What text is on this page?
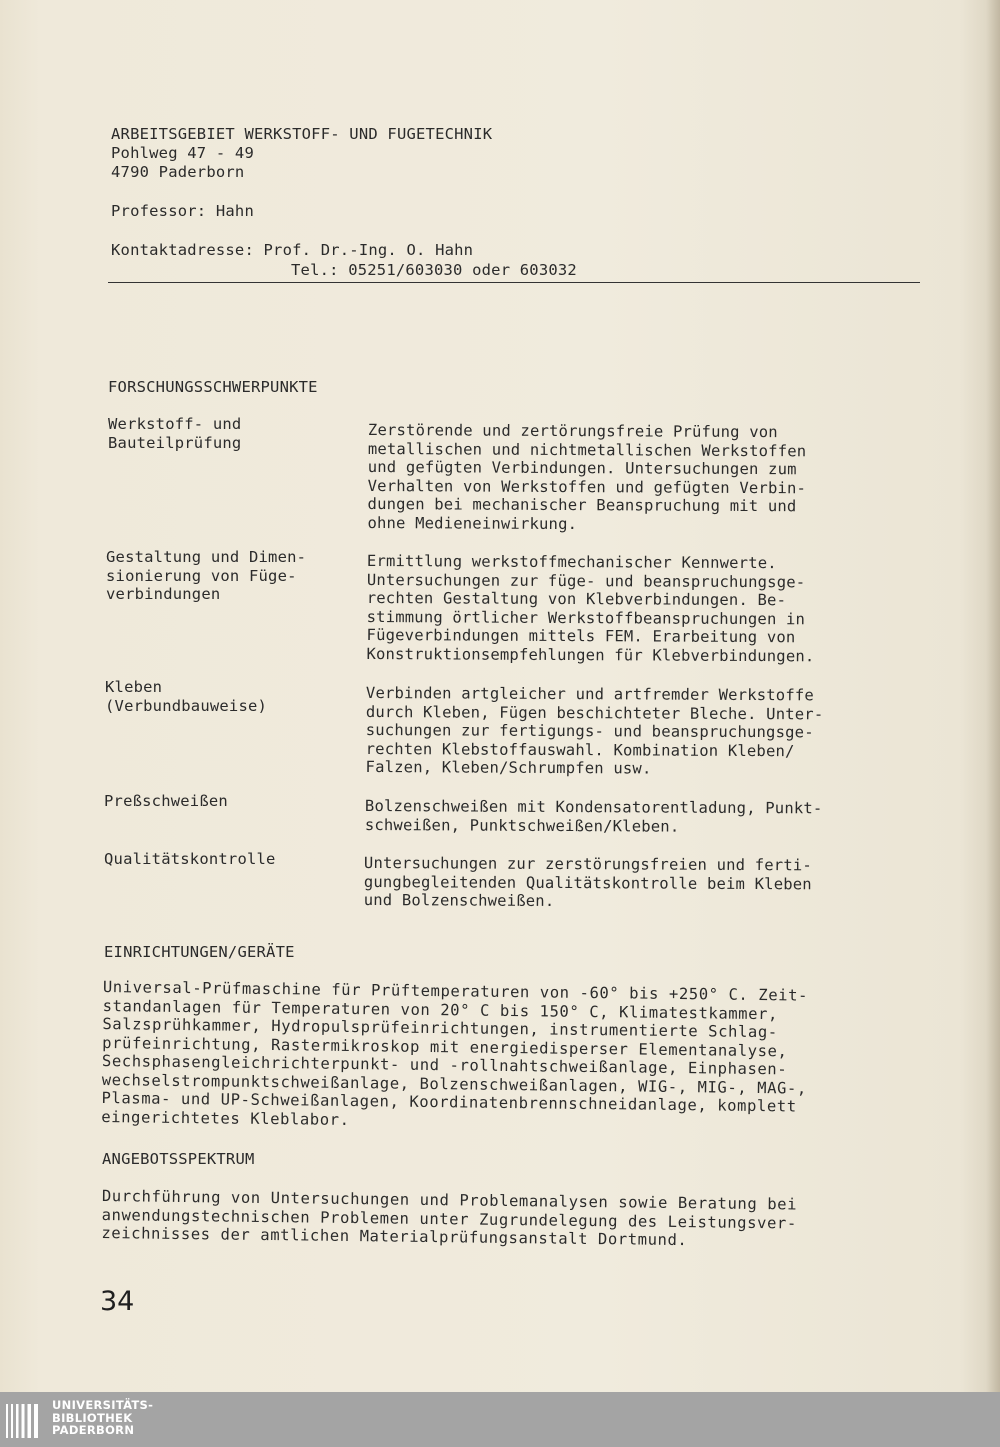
ARBEITSGEBIET WERKSTOFF- UND FUGETECHNIK
Pohlweg 47 - 49
4790 Paderborn
Professor: Hahn
Kontaktadresse: Prof. Dr.-Ing. O. Hahn
Tel.: 05251/603030 oder 603032
FORSCHUNGSSCHWERPUNKTE
Werkstoff- und
Bauteilprüfung
Zerstörende und zertörungsfreie Prüfung von
metallischen und nichtmetallischen Werkstoffen
und gefügten Verbindungen. Untersuchungen zum
Verhalten von Werkstoffen und gefügten Verbin-
dungen bei mechanischer Beanspruchung mit und
ohne Medieneinwirkung.
Gestaltung und Dimen-
sionierung von Füge-
verbindungen
Ermittlung werkstoffmechanischer Kennwerte.
Untersuchungen zur füge- und beanspruchungsge-
rechten Gestaltung von Klebverbindungen. Be-
stimmung örtlicher Werkstoffbeanspruchungen in
Fügeverbindungen mittels FEM. Erarbeitung von
Konstruktionsempfehlungen für Klebverbindungen.
Kleben
(Verbundbauweise)
Verbinden artgleicher und artfremder Werkstoffe
durch Kleben, Fügen beschichteter Bleche. Unter-
suchungen zur fertigungs- und beanspruchungsge-
rechten Klebstoffauswahl. Kombination Kleben/
Falzen, Kleben/Schrumpfen usw.
Preßschweißen	Bolzenschweißen mit Kondensatorentladung, Punkt-
schweißen, Punktschweißen/Kleben.
Qualitätskontrolle	Untersuchungen zur zerstörungsfreien und ferti-
gungbegleitenden Qualitätskontrolle beim Kleben
und Bolzenschweißen.
EINRICHTUNGEN/GERÄTE
Universal-Prüfmaschine für Prüftemperaturen von -60° bis +250° C. Zeit-
standanlagen für Temperaturen von 20° C bis 150° C, Klimatestkammer,
Salzsprühkammer, Hydropulsprüfeinrichtungen, instrumentierte Schlag-
prüfeinrichtung, Rastermikroskop mit energiedisperser Elementanalyse,
Sechsphasengleichrichterpunkt- und -rollnahtschweißanlage, Einphasen-
wechselstrompunktschweißanlage, Bolzenschweißanlagen, WIG-, MIG-, MAG-,
Plasma- und UP-Schweißanlagen, Koordinatenbrennschneidanlage, komplett
eingerichtetes Kleblabor.
ANGEBOTSSPEKTRUM
Durchführung von Untersuchungen und Problemanalysen sowie Beratung bei
anwendungstechnischen Problemen unter Zugrundelegung des Leistungsver-
zeichnisses der amtlichen Materialprüfungsanstalt Dortmund.
34
UNIVERSITÄTS-
BIBLIOTHEK
PADERBORN
